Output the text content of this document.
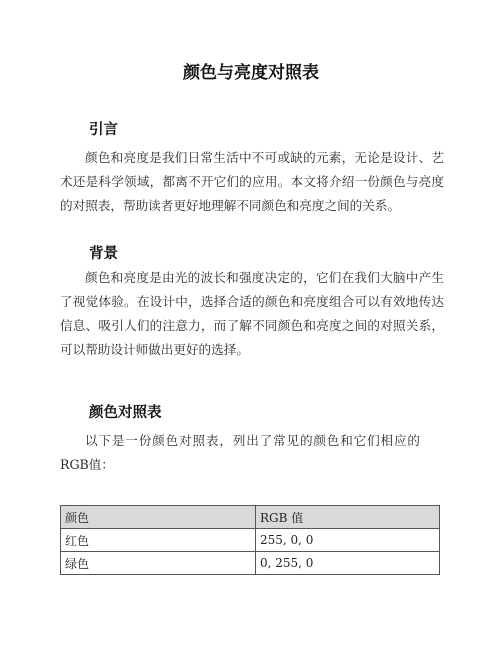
颜色与亮度对照表
引言

颜色和亮度是我们日常生活中不可或缺的元素，无论是设计、艺术还是科学领域，都离不开它们的应用。本文将介绍一份颜色与亮度的对照表，帮助读者更好地理解不同颜色和亮度之间的关系。

背景

颜色和亮度是由光的波长和强度决定的，它们在我们大脑中产生了视觉体验。在设计中，选择合适的颜色和亮度组合可以有效地传达信息、吸引人们的注意力，而了解不同颜色和亮度之间的对照关系，可以帮助设计师做出更好的选择。

颜色对照表

以下是一份颜色对照表，列出了常见的颜色和它们相应的RGB值：

颜色	RGB 值
红色	255, 0, 0
绿色	0, 255, 0
